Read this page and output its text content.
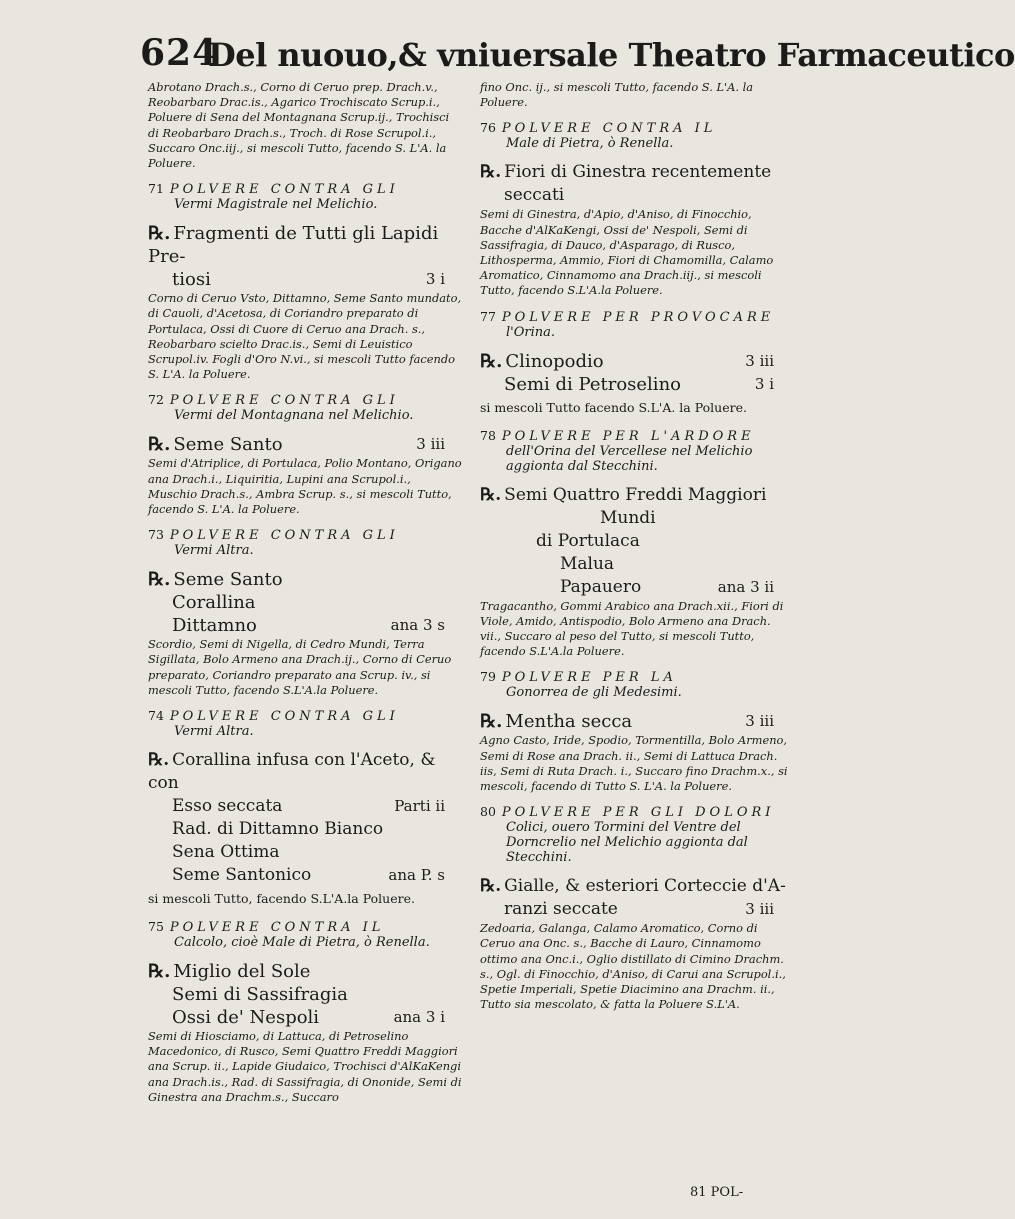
624
Del nuouo,& vniuersale Theatro Farmaceutico

Abrotano Drach.s., Corno di Ceruo prep. Drach.v., Reobarbaro Drac.is., Agarico Trochiscato Scrup.i., Poluere di Sena del Montagnana Scrup.ij., Trochisci di Reobarbaro Drach.s., Troch. di Rose Scrupol.i., Succaro Onc.iij., si mescoli Tutto, facendo S. L'A. la Poluere.

71 POLVERE CONTRA GLI
Vermi Magistrale nel Melichio.
℞. Fragmenti de Tutti gli Lapidi Pre-
tiosi	3 i

Corno di Ceruo Vsto, Dittamno, Seme Santo mundato, di Cauoli, d'Acetosa, di Coriandro preparato di Portulaca, Ossi di Cuore di Ceruo ana Drach. s., Reobarbaro scielto Drac.is., Semi di Leuistico Scrupol.iv. Fogli d'Oro N.vi., si mescoli Tutto facendo S. L'A. la Poluere.

72 POLVERE CONTRA GLI
Vermi del Montagnana nel Melichio.
℞. Seme Santo	3 iii

Semi d'Atriplice, di Portulaca, Polio Montano, Origano ana Drach.i., Liquiritia, Lupini ana Scrupol.i., Muschio Drach.s., Ambra Scrup. s., si mescoli Tutto, facendo S. L'A. la Poluere.

73 POLVERE CONTRA GLI
Vermi Altra.
℞. Seme Santo
Corallina
Dittamno	ana 3 s

Scordio, Semi di Nigella, di Cedro Mundi, Terra Sigillata, Bolo Armeno ana Drach.ij., Corno di Ceruo preparato, Coriandro preparato ana Scrup. iv., si mescoli Tutto, facendo S.L'A.la Poluere.

74 POLVERE CONTRA GLI
Vermi Altra.
℞. Corallina infusa con l'Aceto, & con
Esso seccata	Parti ii
Rad. di Dittamno Bianco
Sena Ottima
Seme Santonico	ana P. s

si mescoli Tutto, facendo S.L'A.la Poluere.

75 POLVERE CONTRA IL
Calcolo, cioè Male di Pietra, ò Renella.
℞. Miglio del Sole
Semi di Sassifragia
Ossi de' Nespoli	ana 3 i

Semi di Hiosciamo, di Lattuca, di Petroselino Macedonico, di Rusco, Semi Quattro Freddi Maggiori ana Scrup. ii., Lapide Giudaico, Trochisci d'AlKaKengi ana Drach.is., Rad. di Sassifragia, di Ononide, Semi di Ginestra ana Drachm.s., Succaro

fino Onc. ij., si mescoli Tutto, facendo S. L'A. la Poluere.

76 POLVERE CONTRA IL
Male di Pietra, ò Renella.
℞. Fiori di Ginestra recentemente
seccati

Semi di Ginestra, d'Apio, d'Aniso, di Finocchio, Bacche d'AlKaKengi, Ossi de' Nespoli, Semi di Sassifragia, di Dauco, d'Asparago, di Rusco, Lithosperma, Ammio, Fiori di Chamomilla, Calamo Aromatico, Cinnamomo ana Drach.iij., si mescoli Tutto, facendo S.L'A.la Poluere.

77 POLVERE PER PROVOCARE
l'Orina.
℞. Clinopodio	3 iii
Semi di Petroselino	3 i

si mescoli Tutto facendo S.L'A. la Poluere.

78 POLVERE PER L'ARDORE
dell'Orina del Vercellese nel Melichio aggionta dal Stecchini.
℞. Semi Quattro Freddi Maggiori
Mundi
di Portulaca
Malua
Papauero	ana 3 ii

Tragacantho, Gommi Arabico ana Drach.xii., Fiori di Viole, Amido, Antispodio, Bolo Armeno ana Drach. vii., Succaro al peso del Tutto, si mescoli Tutto, facendo S.L'A.la Poluere.

79 POLVERE PER LA
Gonorrea de gli Medesimi.
℞. Mentha secca	3 iii

Agno Casto, Iride, Spodio, Tormentilla, Bolo Armeno, Semi di Rose ana Drach. ii., Semi di Lattuca Drach. iis, Semi di Ruta Drach. i., Succaro fino Drachm.x., si mescoli, facendo di Tutto S. L'A. la Poluere.

80 POLVERE PER GLI DOLORI
Colici, ouero Tormini del Ventre del Dorncrelio nel Melichio aggionta dal Stecchini.
℞. Gialle, & esteriori Corteccie d'A-
ranzi seccate	3 iii

Zedoaria, Galanga, Calamo Aromatico, Corno di Ceruo ana Onc. s., Bacche di Lauro, Cinnamomo ottimo ana Onc.i., Oglio distillato di Cimino Drachm. s., Ogl. di Finocchio, d'Aniso, di Carui ana Scrupol.i., Spetie Imperiali, Spetie Diacimino ana Drachm. ii., Tutto sia mescolato, & fatta la Poluere S.L'A.

81 POL-
